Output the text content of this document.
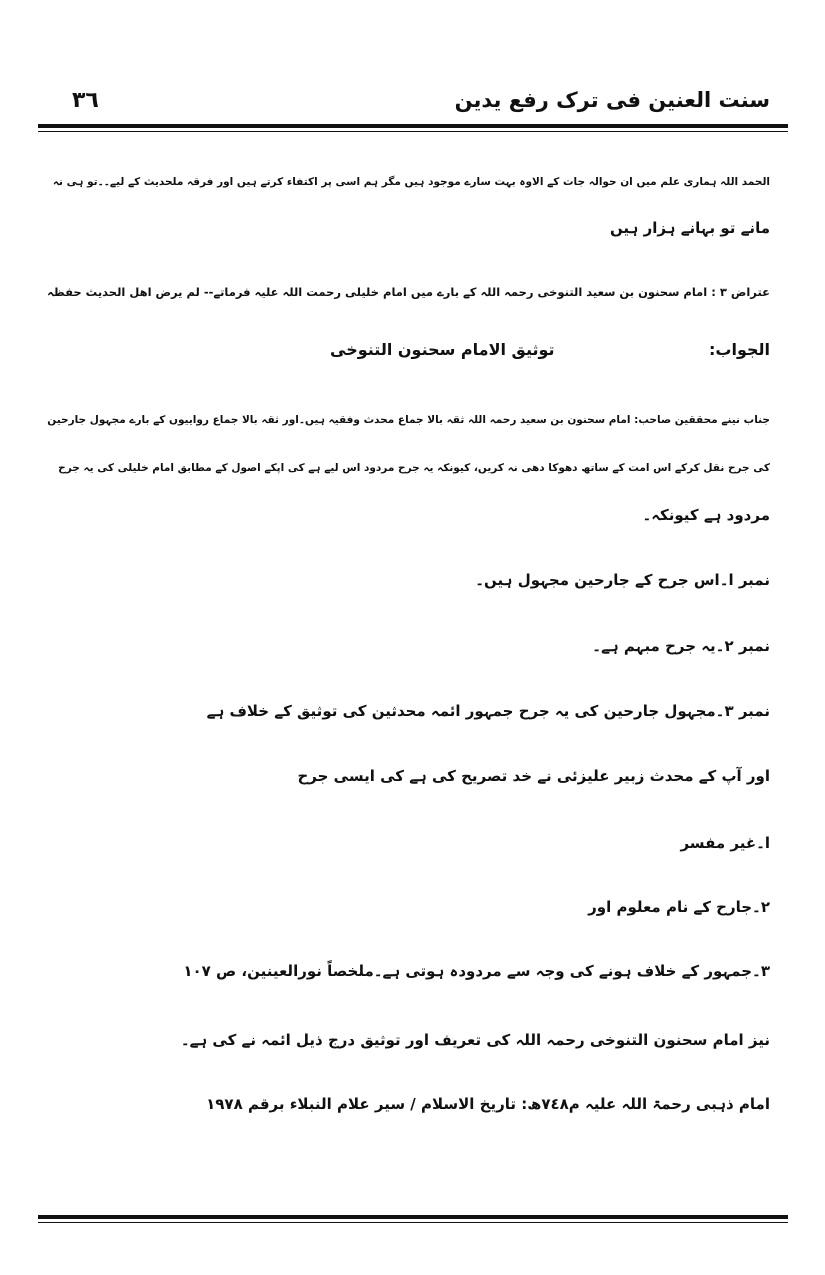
سنت العنین فی ترک رفع یدین
۳٦
الحمد اللہ ہماری علم میں ان حوالہ جات کے الاوہ بہت سارے موجود ہیں مگر ہم اسی پر اکتفاء کرتے ہیں اور فرقہ ملحدیث کے لیے۔۔تو ہی نہ
مانے تو بہانے ہزار ہیں
عتراض ٣ : امام سحنون بن سعید التنوخی رحمہ اللہ کے بارے میں امام خلیلی رحمت اللہ علیہ فرماتے-- لم یرض اھل الحدیث حفظہ
الجواب:
توثیق الامام سحنون التنوخی
جناب نینے محققین صاحب: امام سحنون بن سعید رحمہ اللہ ثقہ بالا جماع محدث وفقیہ ہیں۔اور ثقہ بالا جماع رواییوں کے بارے مجہول جارحین
کی جرح نقل کرکے اس امت کے ساتھ دھوکا دھی نہ کریں، کیونکہ یہ جرح مردود اس لیے ہے کی اپکے اصول کے مطابق امام خلیلی کی یہ جرح
مردود ہے کیونکہ۔
نمبر ا۔اس جرح کے جارحین مجہول ہیں۔
نمبر ٢۔یہ جرح مبہم ہے۔
نمبر ٣۔مجہول جارحین کی یہ جرح جمہور ائمہ محدثین کی توثیق کے خلاف ہے
اور آپ کے محدث زبیر علیزئی نے خد تصریح کی ہے کی ایسی جرح
ا۔غیر مفسر
٢۔جارح کے نام معلوم اور
٣۔جمہور کے خلاف ہونے کی وجہ سے مردودہ ہوتی ہے۔ملخصاً نورالعینین، ص ١٠٧
نیز امام سحنون التنوخی رحمہ اللہ کی تعریف اور توثیق درج ذیل ائمہ نے کی ہے۔
امام ذہبی رحمۃ اللہ علیہ م٧٤٨ھ: تاریخ الاسلام / سیر علام النبلاء برقم ١٩٧٨
